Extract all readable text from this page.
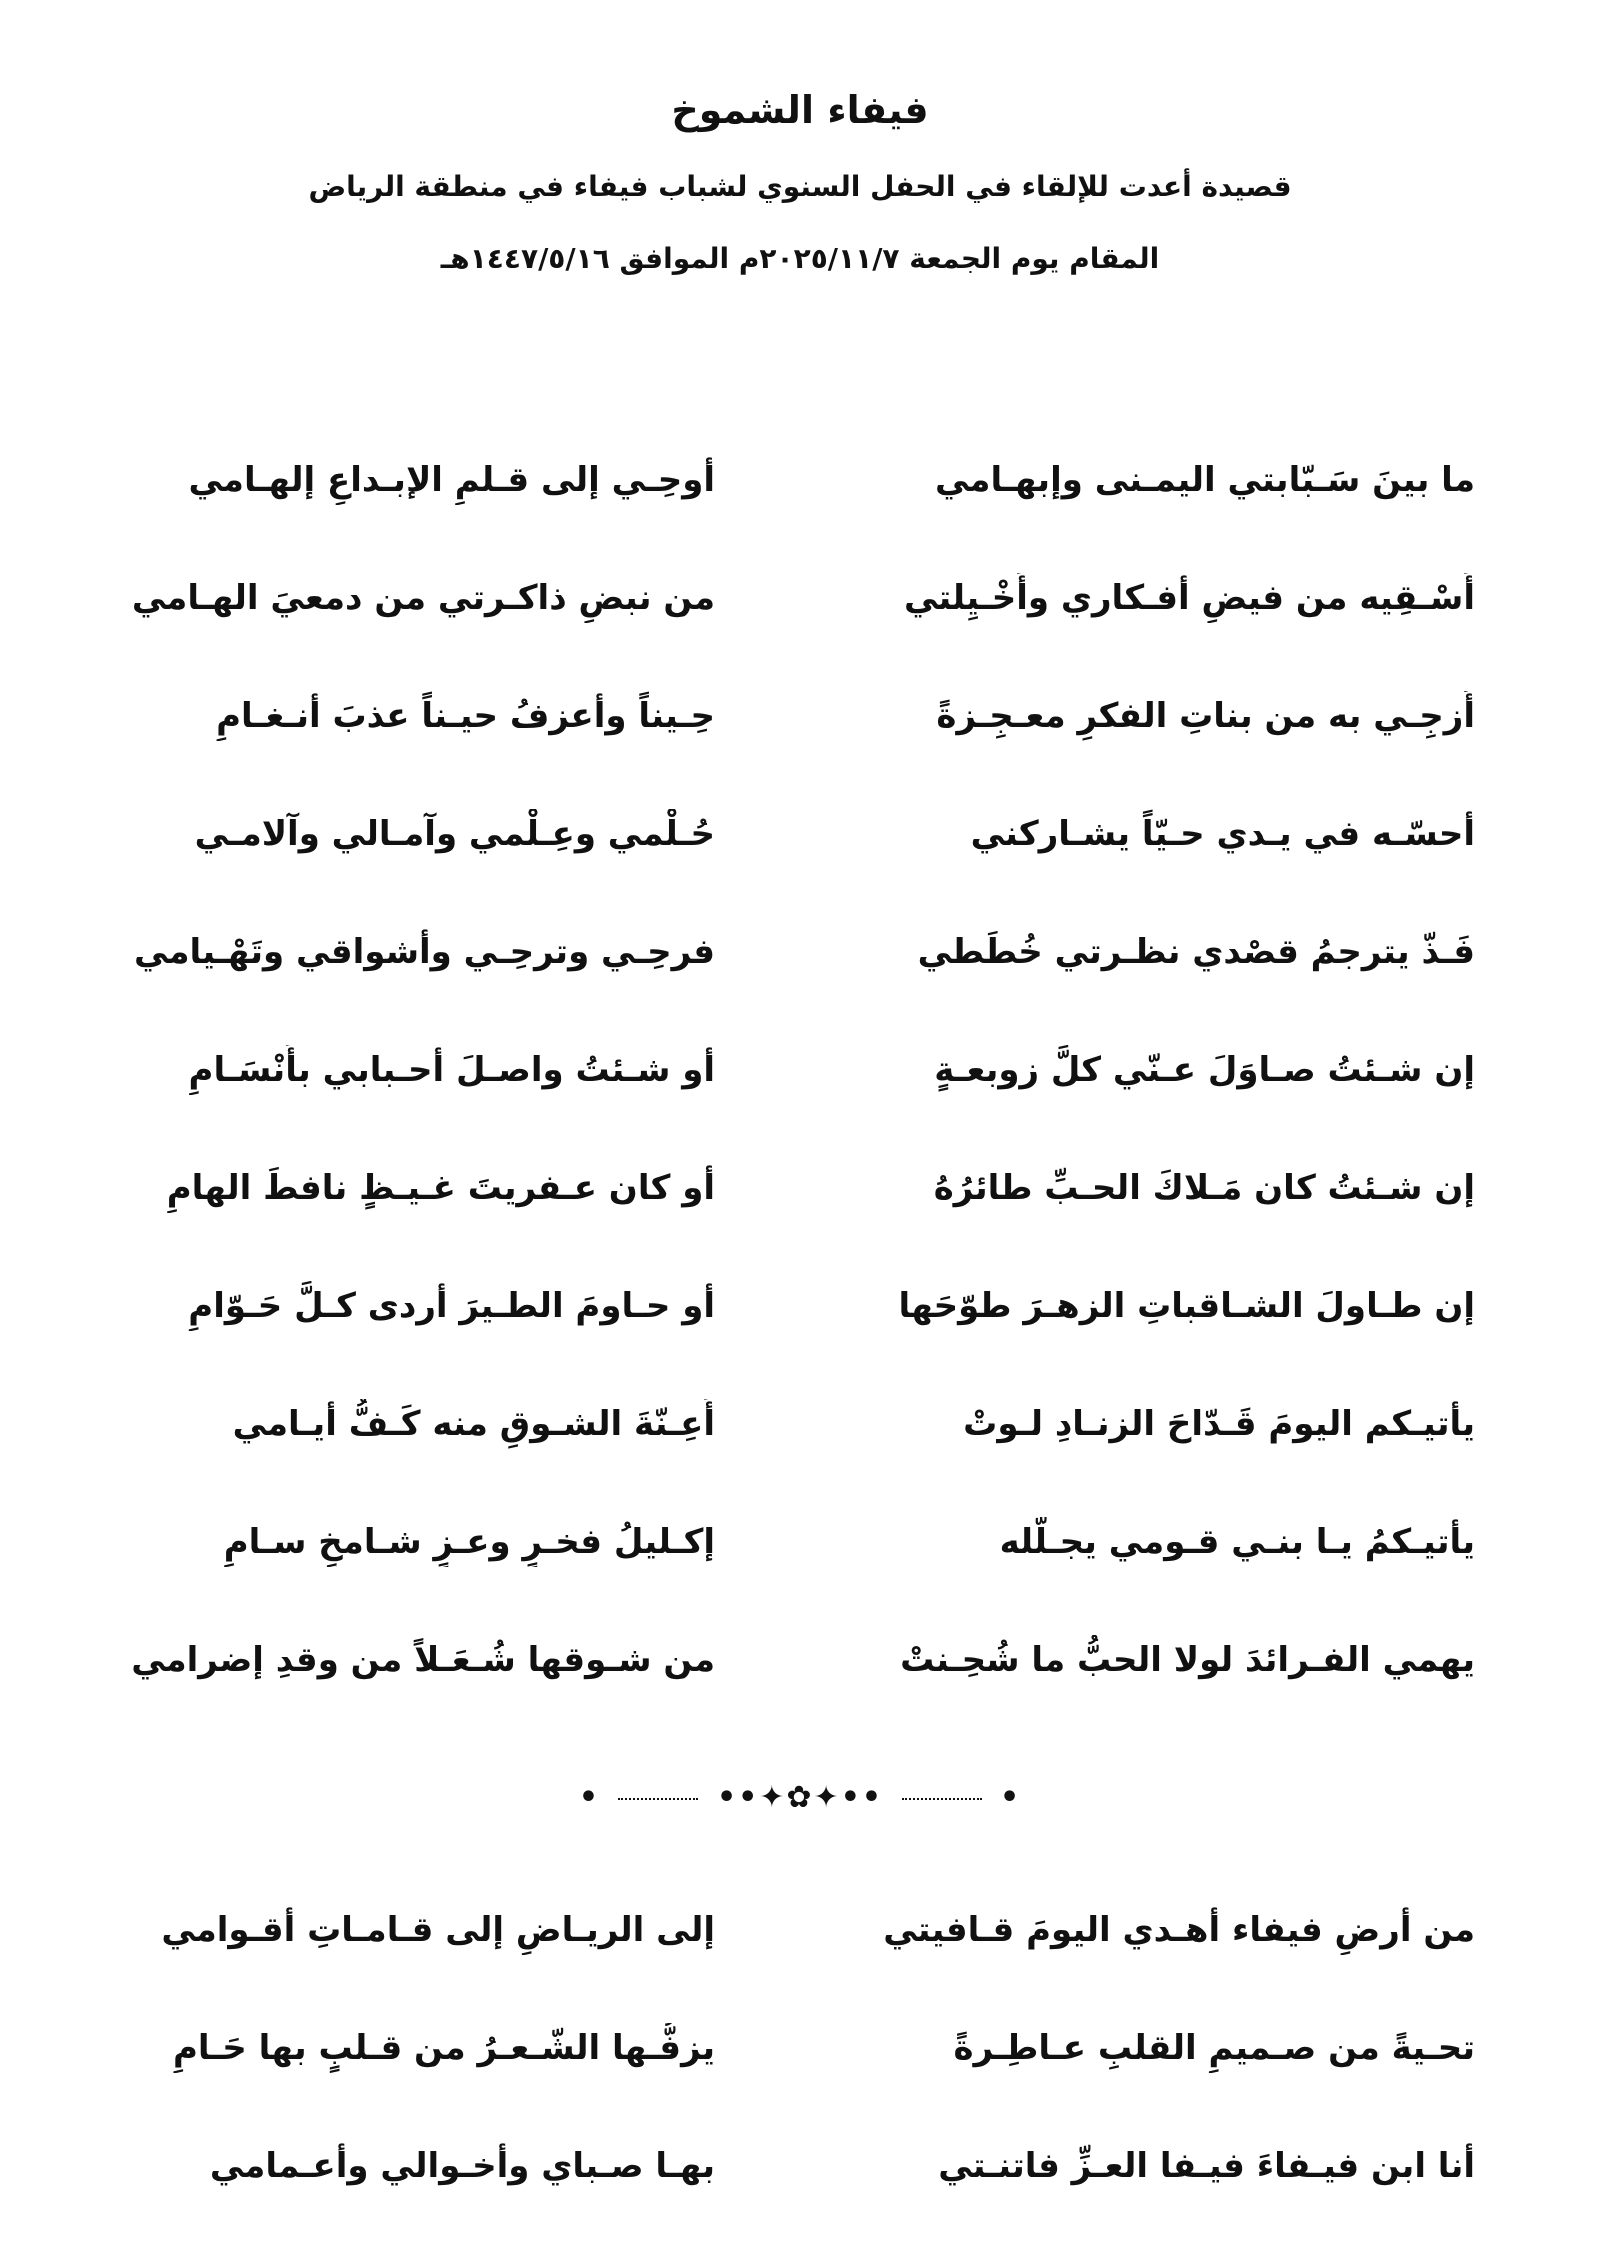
فيفاء الشموخ

قصيدة أعدت للإلقاء في الحفل السنوي لشباب فيفاء في منطقة الرياض

المقام يوم الجمعة ٢٠٢٥/١١/٧م الموافق ١٤٤٧/٥/١٦هـ

ما بينَ سَـبّابتي اليمـنى وإبهـامي
أوحِـي إلى قـلمِ الإبـداعِ إلهـامي
أَسْـقِيه من فيضِ أفـكاري وأَخْـيِلتي
من نبضِ ذاكـرتي من دمعيَ الهـامي
أُزجِـي به من بناتِ الفكرِ معـجِـزةً
حِـيناً وأعزفُ حيـناً عذبَ أنـغـامِ
أحسّـه في يـدي حـيّاً يشـاركني
حُـلْمي وعِـلْمي وآمـالي وآلامـي
فَـذّ يترجمُ قصْدي نظـرتي خُطَطي
فرحِـي وترحِـي وأشواقي وتَهْـيامي
إن شـئتُ صـاوَلَ عـنّي كلَّ زوبعـةٍ
أو شـئتُ واصـلَ أحـبابي بأَنْسَـامِ
إن شـئتُ كان مَـلاكَ الحـبِّ طائرُهُ
أو كان عـفريتَ غـيـظٍ نافطَ الهامِ
إن طـاولَ الشـاقباتِ الزهـرَ طوّحَها
أو حـاومَ الطـيرَ أردى كـلَّ حَـوّامِ
يأتيـكم اليومَ قَـدّاحَ الزنـادِ لـوتْ
أَعِـنّةَ الشـوقِ منه كَـفُّ أيـامي
يأتيـكمُ يـا بنـي قـومي يجـلّله
إكـليلُ فخـرٍ وعـزٍ شـامخٍ سـامِ
يهمي الفـرائدَ لولا الحبُّ ما شُحِـنتْ
من شـوقها شُـعَـلاً من وقدِ إضرامي
•	••✦✿✦••	•
من أرضِ فيفاء أهـدي اليومَ قـافيتي
إلى الريـاضِ إلى قـامـاتِ أقـوامي
تحـيةً من صـميمِ القلبِ عـاطِـرةً
يزفُّـها الشّـعـرُ من قـلبٍ بها حَـامِ
أنا ابن فيـفاءَ فيـفا العـزِّ فاتنـتي
بهـا صـباي وأخـوالي وأعـمامي
